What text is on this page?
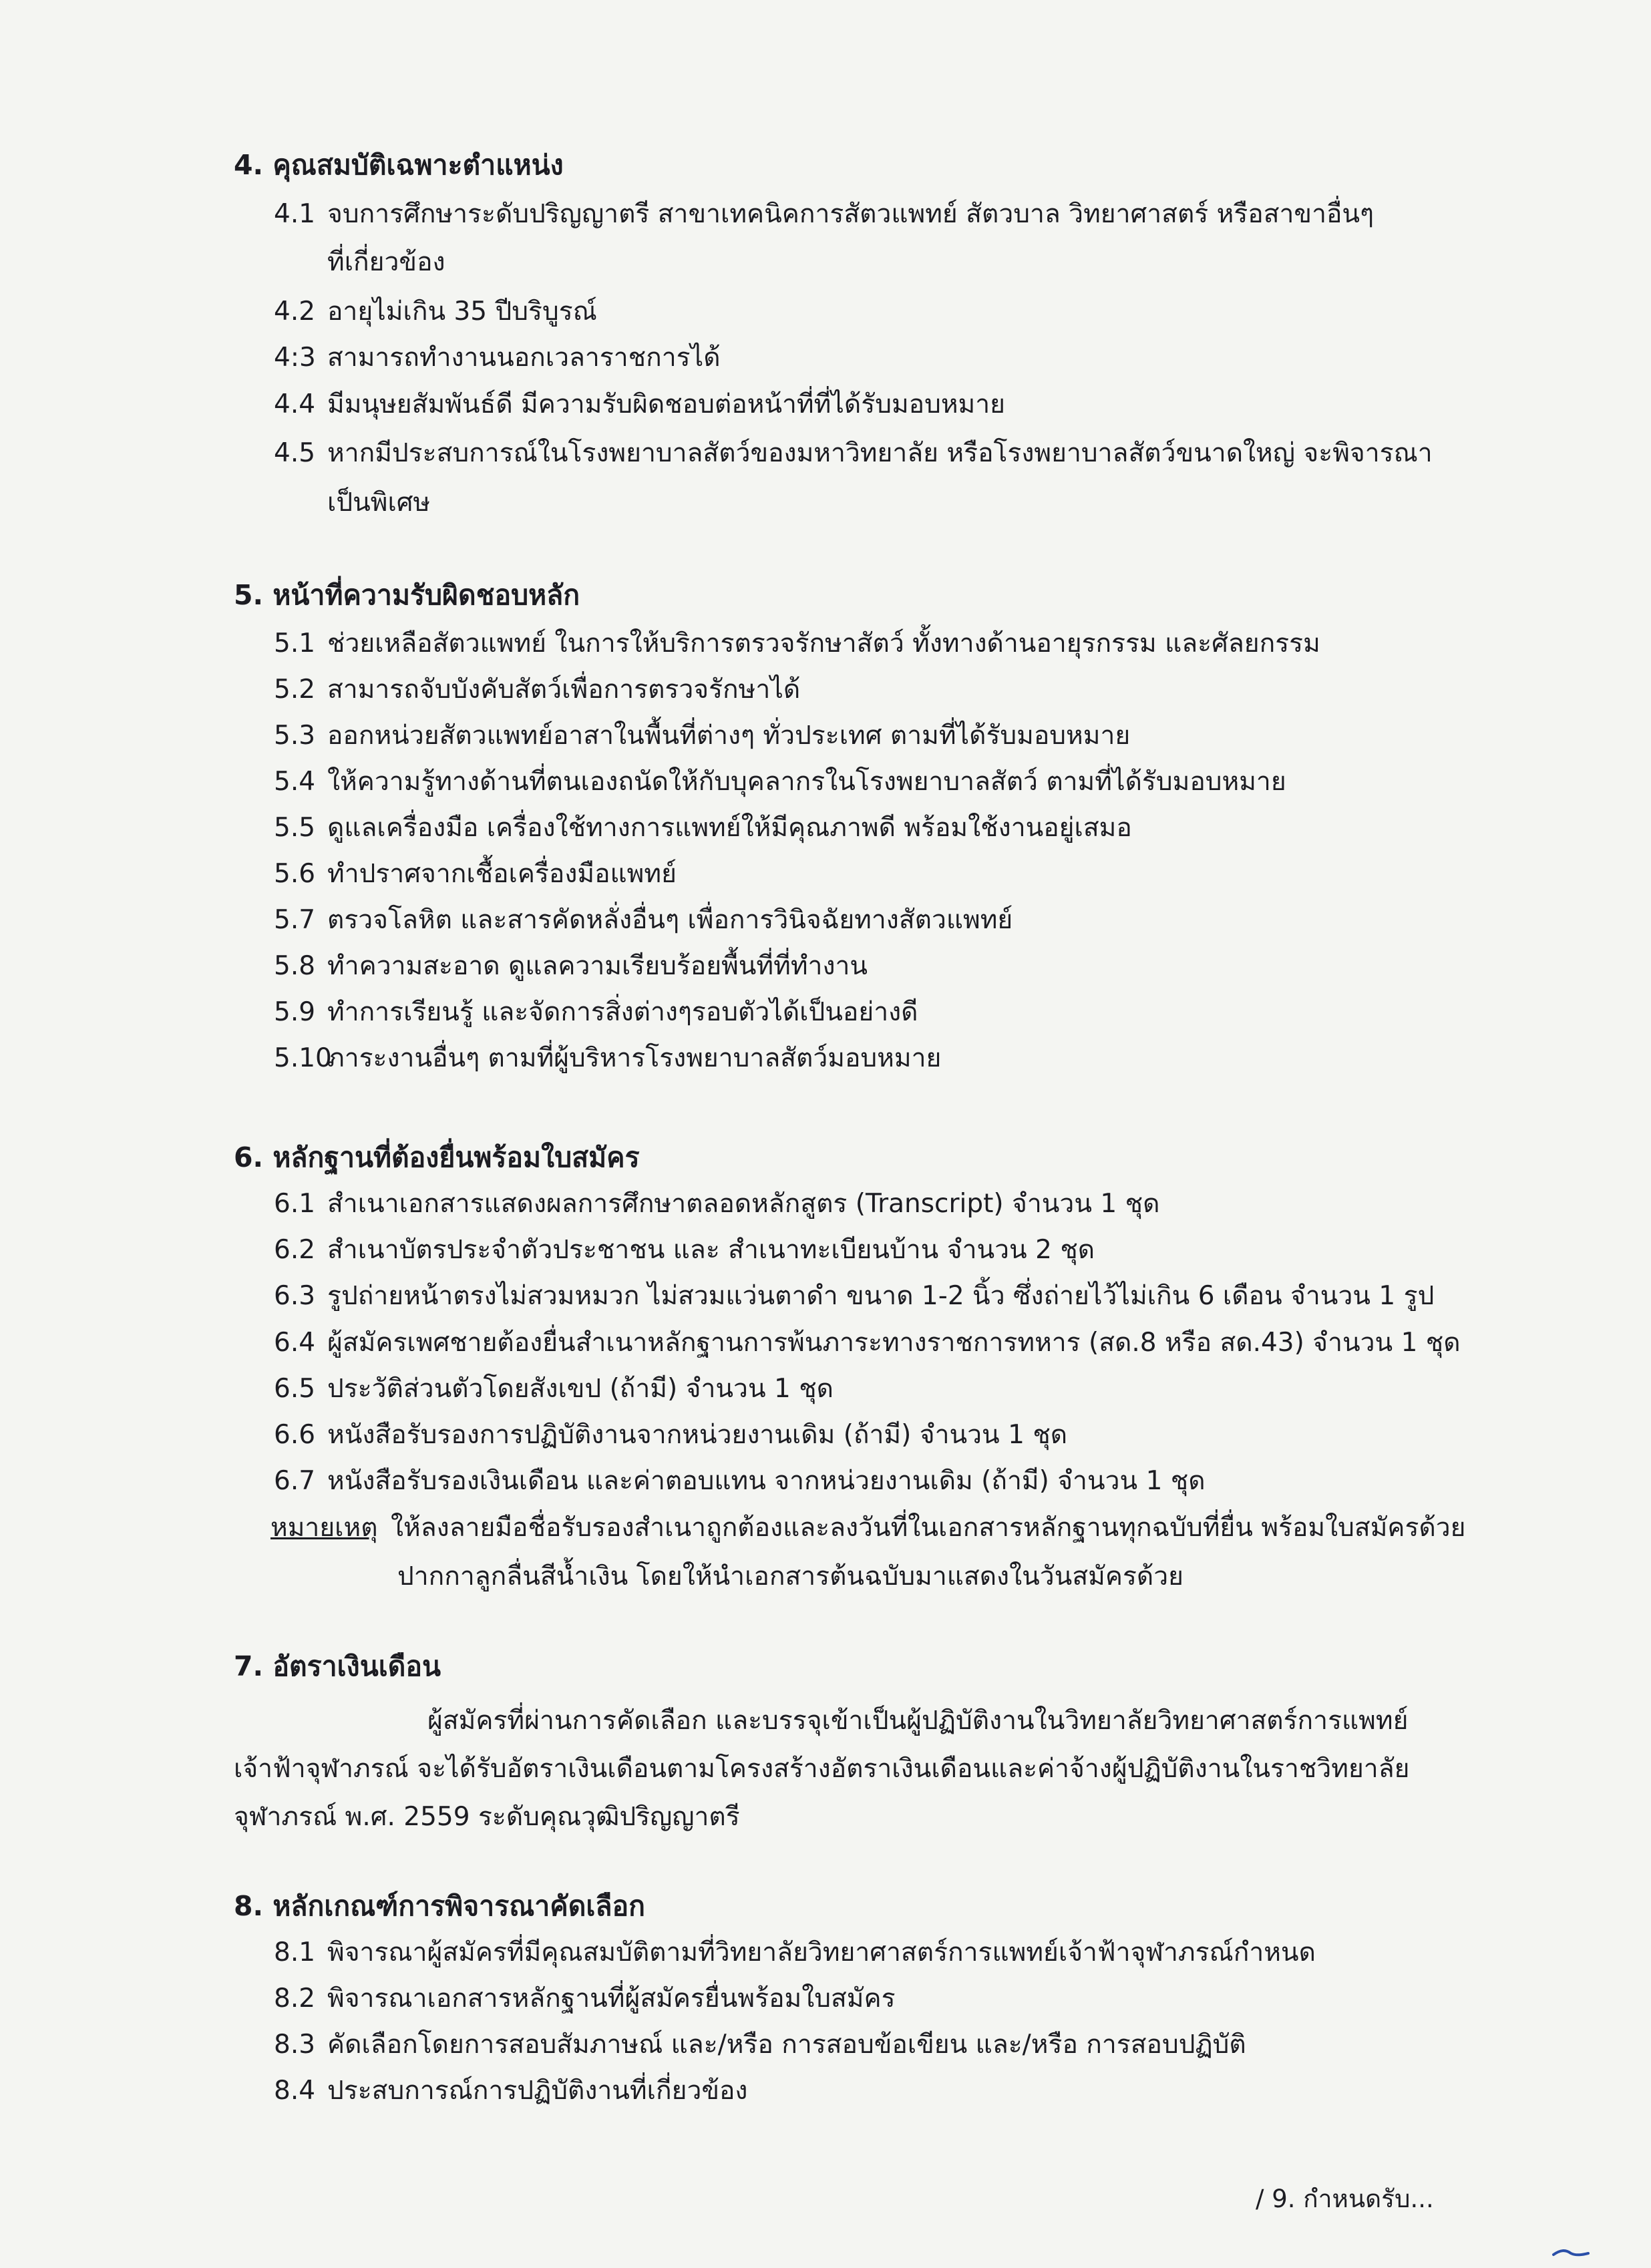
4. คุณสมบัติเฉพาะตำแหน่ง
4.1 จบการศึกษาระดับปริญญาตรี สาขาเทคนิคการสัตวแพทย์ สัตวบาล วิทยาศาสตร์ หรือสาขาอื่นๆ
ที่เกี่ยวข้อง
4.2 อายุไม่เกิน 35 ปีบริบูรณ์
4:3 สามารถทำงานนอกเวลาราชการได้
4.4 มีมนุษยสัมพันธ์ดี มีความรับผิดชอบต่อหน้าที่ที่ได้รับมอบหมาย
4.5 หากมีประสบการณ์ในโรงพยาบาลสัตว์ของมหาวิทยาลัย หรือโรงพยาบาลสัตว์ขนาดใหญ่ จะพิจารณา
เป็นพิเศษ
5. หน้าที่ความรับผิดชอบหลัก
5.1 ช่วยเหลือสัตวแพทย์ ในการให้บริการตรวจรักษาสัตว์ ทั้งทางด้านอายุรกรรม และศัลยกรรม
5.2 สามารถจับบังคับสัตว์เพื่อการตรวจรักษาได้
5.3 ออกหน่วยสัตวแพทย์อาสาในพื้นที่ต่างๆ ทั่วประเทศ ตามที่ได้รับมอบหมาย
5.4 ให้ความรู้ทางด้านที่ตนเองถนัดให้กับบุคลากรในโรงพยาบาลสัตว์ ตามที่ได้รับมอบหมาย
5.5 ดูแลเครื่องมือ เครื่องใช้ทางการแพทย์ให้มีคุณภาพดี พร้อมใช้งานอยู่เสมอ
5.6 ทำปราศจากเชื้อเครื่องมือแพทย์
5.7 ตรวจโลหิต และสารคัดหลั่งอื่นๆ เพื่อการวินิจฉัยทางสัตวแพทย์
5.8 ทำความสะอาด ดูแลความเรียบร้อยพื้นที่ที่ทำงาน
5.9 ทำการเรียนรู้ และจัดการสิ่งต่างๆรอบตัวได้เป็นอย่างดี
5.10
ภาระงานอื่นๆ ตามที่ผู้บริหารโรงพยาบาลสัตว์มอบหมาย
6. หลักฐานที่ต้องยื่นพร้อมใบสมัคร
6.1 สำเนาเอกสารแสดงผลการศึกษาตลอดหลักสูตร (Transcript) จำนวน 1 ชุด
6.2 สำเนาบัตรประจำตัวประชาชน และ สำเนาทะเบียนบ้าน จำนวน 2 ชุด
6.3 รูปถ่ายหน้าตรงไม่สวมหมวก ไม่สวมแว่นตาดำ ขนาด 1-2 นิ้ว ซึ่งถ่ายไว้ไม่เกิน 6 เดือน จำนวน 1 รูป
6.4 ผู้สมัครเพศชายต้องยื่นสำเนาหลักฐานการพ้นภาระทางราชการทหาร (สด.8 หรือ สด.43) จำนวน 1 ชุด
6.5 ประวัติส่วนตัวโดยสังเขป (ถ้ามี) จำนวน 1 ชุด
6.6 หนังสือรับรองการปฏิบัติงานจากหน่วยงานเดิม (ถ้ามี) จำนวน 1 ชุด
6.7 หนังสือรับรองเงินเดือน และค่าตอบแทน จากหน่วยงานเดิม (ถ้ามี) จำนวน 1 ชุด
หมายเหตุ ให้ลงลายมือชื่อรับรองสำเนาถูกต้องและลงวันที่ในเอกสารหลักฐานทุกฉบับที่ยื่น พร้อมใบสมัครด้วย
ปากกาลูกลื่นสีน้ำเงิน โดยให้นำเอกสารต้นฉบับมาแสดงในวันสมัครด้วย
7. อัตราเงินเดือน
ผู้สมัครที่ผ่านการคัดเลือก และบรรจุเข้าเป็นผู้ปฏิบัติงานในวิทยาลัยวิทยาศาสตร์การแพทย์
เจ้าฟ้าจุฬาภรณ์ จะได้รับอัตราเงินเดือนตามโครงสร้างอัตราเงินเดือนและค่าจ้างผู้ปฏิบัติงานในราชวิทยาลัย
จุฬาภรณ์ พ.ศ. 2559 ระดับคุณวุฒิปริญญาตรี
8. หลักเกณฑ์การพิจารณาคัดเลือก
8.1 พิจารณาผู้สมัครที่มีคุณสมบัติตามที่วิทยาลัยวิทยาศาสตร์การแพทย์เจ้าฟ้าจุฬาภรณ์กำหนด
8.2 พิจารณาเอกสารหลักฐานที่ผู้สมัครยื่นพร้อมใบสมัคร
8.3 คัดเลือกโดยการสอบสัมภาษณ์ และ/หรือ การสอบข้อเขียน และ/หรือ การสอบปฏิบัติ
8.4 ประสบการณ์การปฏิบัติงานที่เกี่ยวข้อง
/ 9. กำหนดรับ...
